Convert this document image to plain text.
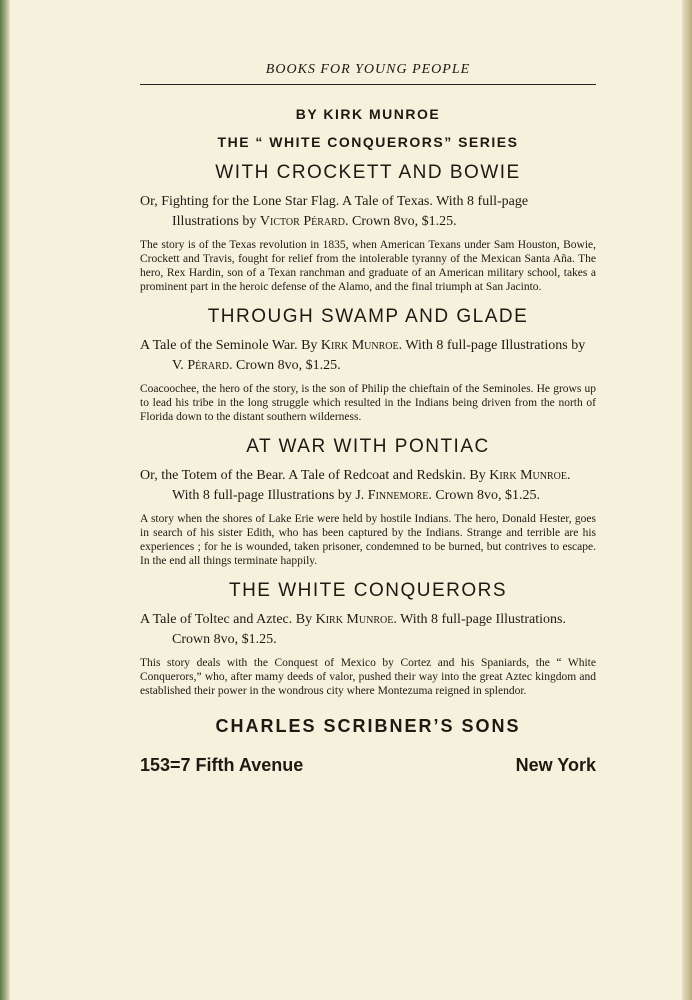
BOOKS FOR YOUNG PEOPLE
BY KIRK MUNROE
THE “ WHITE CONQUERORS” SERIES
WITH CROCKETT AND BOWIE
Or, Fighting for the Lone Star Flag. A Tale of Texas. With 8 full-page Illustrations by Victor Pérard. Crown 8vo, $1.25.
The story is of the Texas revolution in 1835, when American Texans under Sam Houston, Bowie, Crockett and Travis, fought for relief from the intolerable tyranny of the Mexican Santa Aña. The hero, Rex Hardin, son of a Texan ranchman and graduate of an American military school, takes a prominent part in the heroic defense of the Alamo, and the final triumph at San Jacinto.
THROUGH SWAMP AND GLADE
A Tale of the Seminole War. By Kirk Munroe. With 8 full-page Illustrations by V. Pérard. Crown 8vo, $1.25.
Coacoochee, the hero of the story, is the son of Philip the chieftain of the Seminoles. He grows up to lead his tribe in the long struggle which resulted in the Indians being driven from the north of Florida down to the distant southern wilderness.
AT WAR WITH PONTIAC
Or, the Totem of the Bear. A Tale of Redcoat and Redskin. By Kirk Munroe. With 8 full-page Illustrations by J. Finnemore. Crown 8vo, $1.25.
A story when the shores of Lake Erie were held by hostile Indians. The hero, Donald Hester, goes in search of his sister Edith, who has been captured by the Indians. Strange and terrible are his experiences ; for he is wounded, taken prisoner, condemned to be burned, but contrives to escape. In the end all things terminate happily.
THE WHITE CONQUERORS
A Tale of Toltec and Aztec. By Kirk Munroe. With 8 full-page Illustrations. Crown 8vo, $1.25.
This story deals with the Conquest of Mexico by Cortez and his Spaniards, the “ White Conquerors,” who, after mamy deeds of valor, pushed their way into the great Aztec kingdom and established their power in the wondrous city where Montezuma reigned in splendor.
CHARLES SCRIBNER’S SONS
153=7 Fifth Avenue	New York
